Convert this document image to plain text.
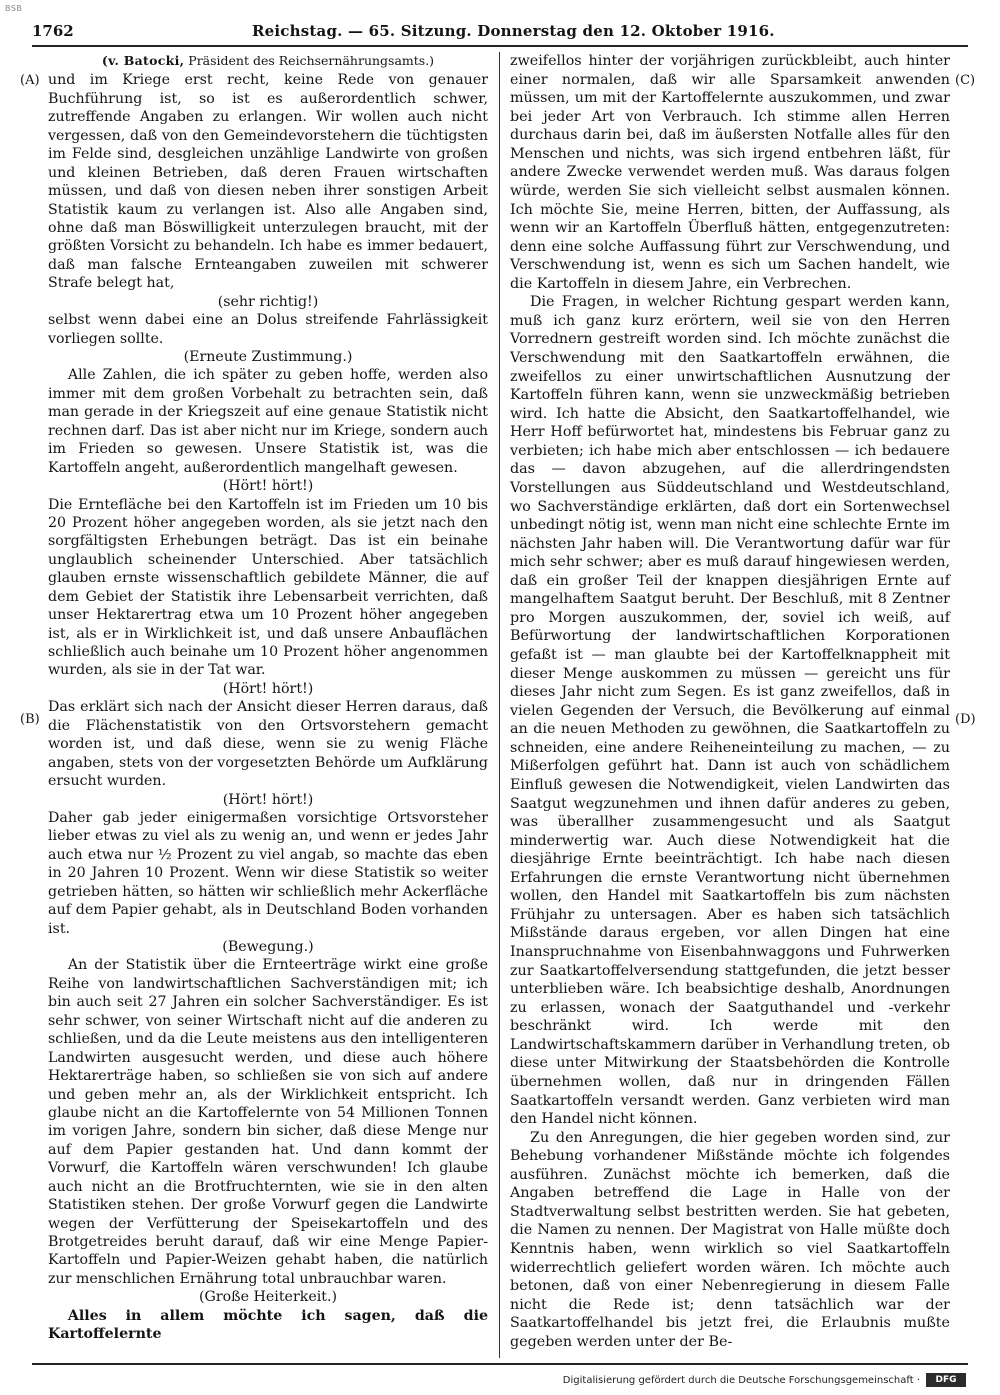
BSB
1762	Reichstag. — 65. Sitzung. Donnerstag den 12. Oktober 1916.
(A)
(B)
(C)
(D)
(v. Batocki, Präsident des Reichsernährungsamts.)

und im Kriege erst recht, keine Rede von genauer Buchführung ist, so ist es außerordentlich schwer, zutreffende Angaben zu erlangen. Wir wollen auch nicht vergessen, daß von den Gemeindevorstehern die tüchtigsten im Felde sind, desgleichen unzählige Landwirte von großen und kleinen Betrieben, daß deren Frauen wirtschaften müssen, und daß von diesen neben ihrer sonstigen Arbeit Statistik kaum zu verlangen ist. Also alle Angaben sind, ohne daß man Böswilligkeit unterzulegen braucht, mit der größten Vorsicht zu behandeln. Ich habe es immer bedauert, daß man falsche Ernteangaben zuweilen mit schwerer Strafe belegt hat,

(sehr richtig!)

selbst wenn dabei eine an Dolus streifende Fahrlässigkeit vorliegen sollte.

(Erneute Zustimmung.)

Alle Zahlen, die ich später zu geben hoffe, werden also immer mit dem großen Vorbehalt zu betrachten sein, daß man gerade in der Kriegszeit auf eine genaue Statistik nicht rechnen darf. Das ist aber nicht nur im Kriege, sondern auch im Frieden so gewesen. Unsere Statistik ist, was die Kartoffeln angeht, außerordentlich mangelhaft gewesen.

(Hört! hört!)

Die Erntefläche bei den Kartoffeln ist im Frieden um 10 bis 20 Prozent höher angegeben worden, als sie jetzt nach den sorgfältigsten Erhebungen beträgt. Das ist ein beinahe unglaublich scheinender Unterschied. Aber tatsächlich glauben ernste wissenschaftlich gebildete Männer, die auf dem Gebiet der Statistik ihre Lebensarbeit verrichten, daß unser Hektarertrag etwa um 10 Prozent höher angegeben ist, als er in Wirklichkeit ist, und daß unsere Anbauflächen schließlich auch beinahe um 10 Prozent höher angenommen wurden, als sie in der Tat war.

(Hört! hört!)

Das erklärt sich nach der Ansicht dieser Herren daraus, daß die Flächenstatistik von den Ortsvorstehern gemacht worden ist, und daß diese, wenn sie zu wenig Fläche angaben, stets von der vorgesetzten Behörde um Aufklärung ersucht wurden.

(Hört! hört!)

Daher gab jeder einigermaßen vorsichtige Ortsvorsteher lieber etwas zu viel als zu wenig an, und wenn er jedes Jahr auch etwa nur ½ Prozent zu viel angab, so machte das eben in 20 Jahren 10 Prozent. Wenn wir diese Statistik so weiter getrieben hätten, so hätten wir schließlich mehr Ackerfläche auf dem Papier gehabt, als in Deutschland Boden vorhanden ist.

(Bewegung.)

An der Statistik über die Ernteerträge wirkt eine große Reihe von landwirtschaftlichen Sachverständigen mit; ich bin auch seit 27 Jahren ein solcher Sachverständiger. Es ist sehr schwer, von seiner Wirtschaft nicht auf die anderen zu schließen, und da die Leute meistens aus den intelligenteren Landwirten ausgesucht werden, und diese auch höhere Hektarerträge haben, so schließen sie von sich auf andere und geben mehr an, als der Wirklichkeit entspricht. Ich glaube nicht an die Kartoffelernte von 54 Millionen Tonnen im vorigen Jahre, sondern bin sicher, daß diese Menge nur auf dem Papier gestanden hat. Und dann kommt der Vorwurf, die Kartoffeln wären verschwunden! Ich glaube auch nicht an die Brotfruchternten, wie sie in den alten Statistiken stehen. Der große Vorwurf gegen die Landwirte wegen der Verfütterung der Speisekartoffeln und des Brotgetreides beruht darauf, daß wir eine Menge Papier-Kartoffeln und Papier-Weizen gehabt haben, die natürlich zur menschlichen Ernährung total unbrauchbar waren.

(Große Heiterkeit.)

Alles in allem möchte ich sagen, daß die Kartoffelernte

zweifellos hinter der vorjährigen zurückbleibt, auch hinter einer normalen, daß wir alle Sparsamkeit anwenden müssen, um mit der Kartoffelernte auszukommen, und zwar bei jeder Art von Verbrauch. Ich stimme allen Herren durchaus darin bei, daß im äußersten Notfalle alles für den Menschen und nichts, was sich irgend entbehren läßt, für andere Zwecke verwendet werden muß. Was daraus folgen würde, werden Sie sich vielleicht selbst ausmalen können. Ich möchte Sie, meine Herren, bitten, der Auffassung, als wenn wir an Kartoffeln Überfluß hätten, entgegenzutreten: denn eine solche Auffassung führt zur Verschwendung, und Verschwendung ist, wenn es sich um Sachen handelt, wie die Kartoffeln in diesem Jahre, ein Verbrechen.

Die Fragen, in welcher Richtung gespart werden kann, muß ich ganz kurz erörtern, weil sie von den Herren Vorrednern gestreift worden sind. Ich möchte zunächst die Verschwendung mit den Saatkartoffeln erwähnen, die zweifellos zu einer unwirtschaftlichen Ausnutzung der Kartoffeln führen kann, wenn sie unzweckmäßig betrieben wird. Ich hatte die Absicht, den Saatkartoffelhandel, wie Herr Hoff befürwortet hat, mindestens bis Februar ganz zu verbieten; ich habe mich aber entschlossen — ich bedauere das — davon abzugehen, auf die allerdringendsten Vorstellungen aus Süddeutschland und Westdeutschland, wo Sachverständige erklärten, daß dort ein Sortenwechsel unbedingt nötig ist, wenn man nicht eine schlechte Ernte im nächsten Jahr haben will. Die Verantwortung dafür war für mich sehr schwer; aber es muß darauf hingewiesen werden, daß ein großer Teil der knappen diesjährigen Ernte auf mangelhaftem Saatgut beruht. Der Beschluß, mit 8 Zentner pro Morgen auszukommen, der, soviel ich weiß, auf Befürwortung der landwirtschaftlichen Korporationen gefaßt ist — man glaubte bei der Kartoffelknappheit mit dieser Menge auskommen zu müssen — gereicht uns für dieses Jahr nicht zum Segen. Es ist ganz zweifellos, daß in vielen Gegenden der Versuch, die Bevölkerung auf einmal an die neuen Methoden zu gewöhnen, die Saatkartoffeln zu schneiden, eine andere Reiheneinteilung zu machen, — zu Mißerfolgen geführt hat. Dann ist auch von schädlichem Einfluß gewesen die Notwendigkeit, vielen Landwirten das Saatgut wegzunehmen und ihnen dafür anderes zu geben, was überallher zusammengesucht und als Saatgut minderwertig war. Auch diese Notwendigkeit hat die diesjährige Ernte beeinträchtigt. Ich habe nach diesen Erfahrungen die ernste Verantwortung nicht übernehmen wollen, den Handel mit Saatkartoffeln bis zum nächsten Frühjahr zu untersagen. Aber es haben sich tatsächlich Mißstände daraus ergeben, vor allen Dingen hat eine Inanspruchnahme von Eisenbahnwaggons und Fuhrwerken zur Saatkartoffelversendung stattgefunden, die jetzt besser unterblieben wäre. Ich beabsichtige deshalb, Anordnungen zu erlassen, wonach der Saatguthandel und -verkehr beschränkt wird. Ich werde mit den Landwirtschaftskammern darüber in Verhandlung treten, ob diese unter Mitwirkung der Staatsbehörden die Kontrolle übernehmen wollen, daß nur in dringenden Fällen Saatkartoffeln versandt werden. Ganz verbieten wird man den Handel nicht können.

Zu den Anregungen, die hier gegeben worden sind, zur Behebung vorhandener Mißstände möchte ich folgendes ausführen. Zunächst möchte ich bemerken, daß die Angaben betreffend die Lage in Halle von der Stadtverwaltung selbst bestritten werden. Sie hat gebeten, die Namen zu nennen. Der Magistrat von Halle müßte doch Kenntnis haben, wenn wirklich so viel Saatkartoffeln widerrechtlich geliefert worden wären. Ich möchte auch betonen, daß von einer Nebenregierung in diesem Falle nicht die Rede ist; denn tatsächlich war der Saatkartoffelhandel bis jetzt frei, die Erlaubnis mußte gegeben werden unter der Be-

Digitalisierung gefördert durch die Deutsche Forschungsgemeinschaft ·	DFG
